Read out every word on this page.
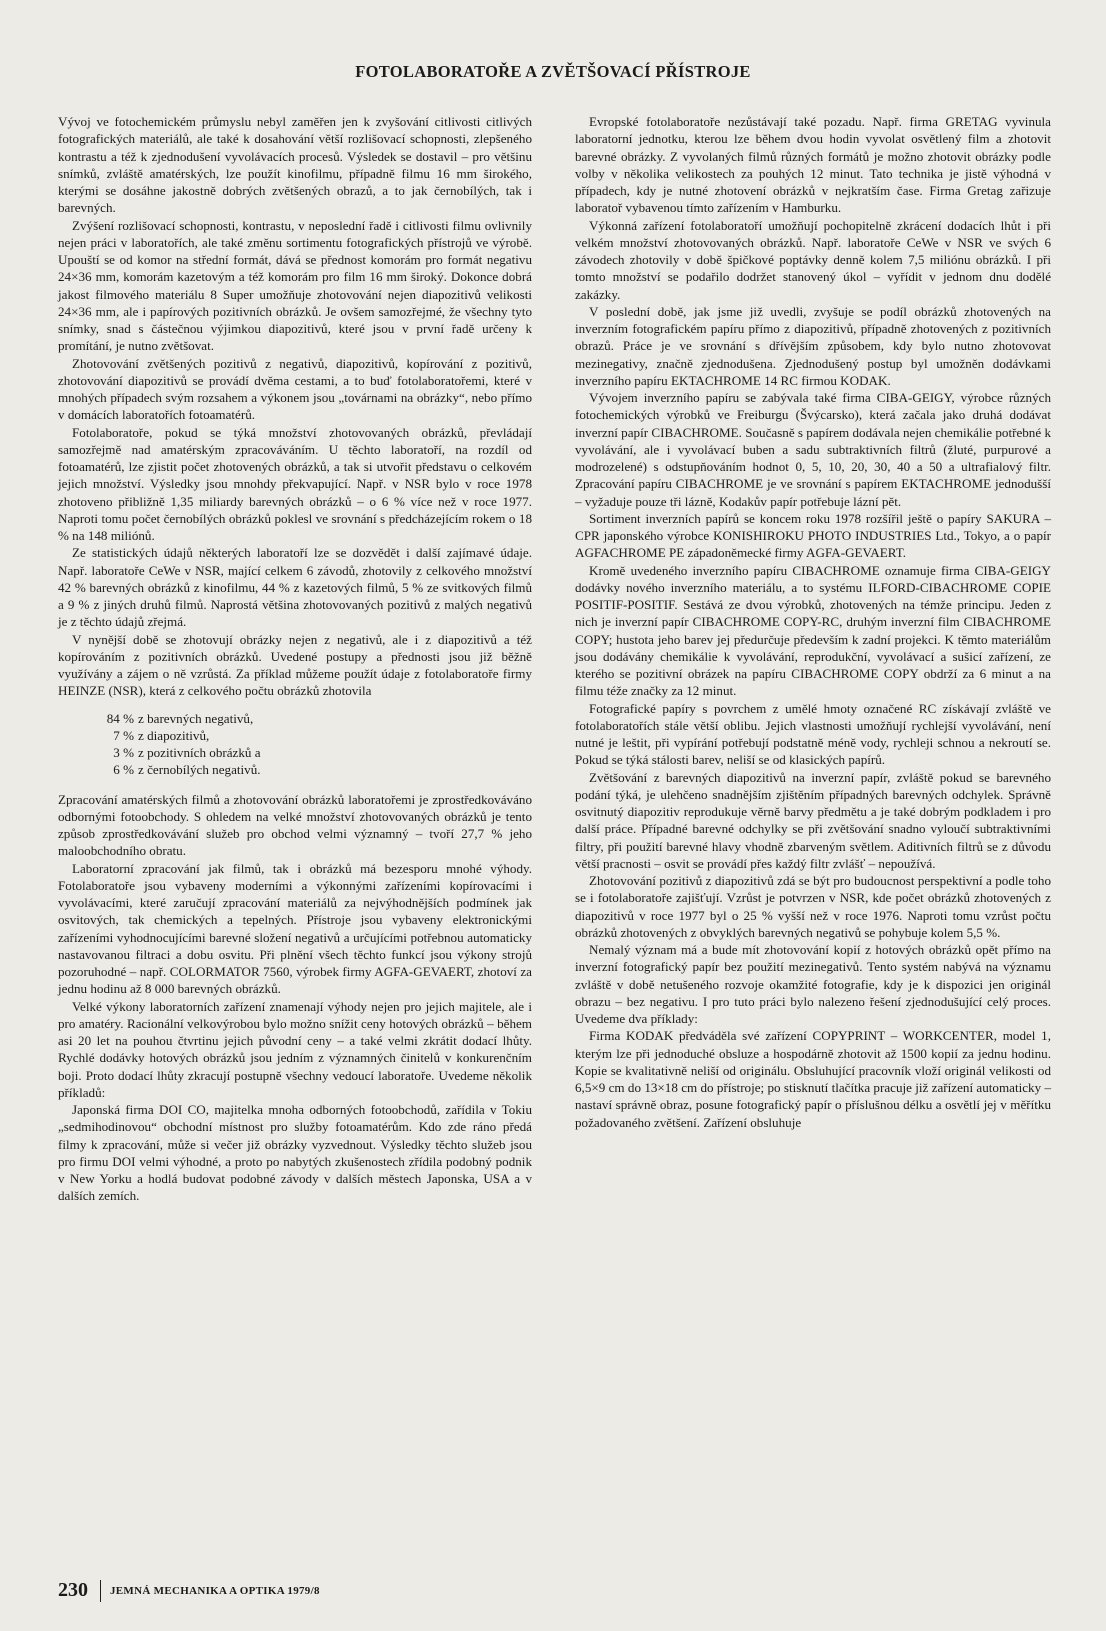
FOTOLABORATOŘE A ZVĚTŠOVACÍ PŘÍSTROJE

Vývoj ve fotochemickém průmyslu nebyl zaměřen jen k zvyšování citlivosti citlivých fotografických materiálů, ale také k dosahování větší rozlišovací schopnosti, zlepšeného kontrastu a též k zjednodušení vyvolávacích procesů. Výsledek se dostavil – pro většinu snímků, zvláště amatérských, lze použít kinofilmu, případně filmu 16 mm širokého, kterými se dosáhne jakostně dobrých zvětšených obrazů, a to jak černobílých, tak i barevných.

Zvýšení rozlišovací schopnosti, kontrastu, v neposlední řadě i citlivosti filmu ovlivnily nejen práci v laboratořích, ale také změnu sortimentu fotografických přístrojů ve výrobě. Upouští se od komor na střední formát, dává se přednost komorám pro formát negativu 24×36 mm, komorám kazetovým a též komorám pro film 16 mm široký. Dokonce dobrá jakost filmového materiálu 8 Super umožňuje zhotovování nejen diapozitivů velikosti 24×36 mm, ale i papírových pozitivních obrázků. Je ovšem samozřejmé, že všechny tyto snímky, snad s částečnou výjimkou diapozitivů, které jsou v první řadě určeny k promítání, je nutno zvětšovat.

Zhotovování zvětšených pozitivů z negativů, diapozitivů, kopírování z pozitivů, zhotovování diapozitivů se provádí dvěma cestami, a to buď fotolaboratořemi, které v mnohých případech svým rozsahem a výkonem jsou „továrnami na obrázky“, nebo přímo v domácích laboratořích fotoamatérů.

Fotolaboratoře, pokud se týká množství zhotovovaných obrázků, převládají samozřejmě nad amatérským zpracováváním. U těchto laboratoří, na rozdíl od fotoamatérů, lze zjistit počet zhotovených obrázků, a tak si utvořit představu o celkovém jejich množství. Výsledky jsou mnohdy překvapující. Např. v NSR bylo v roce 1978 zhotoveno přibližně 1,35 miliardy barevných obrázků – o 6 % více než v roce 1977. Naproti tomu počet černobílých obrázků poklesl ve srovnání s předcházejícím rokem o 18 % na 148 miliónů.

Ze statistických údajů některých laboratoří lze se dozvědět i další zajímavé údaje. Např. laboratoře CeWe v NSR, mající celkem 6 závodů, zhotovily z celkového množství 42 % barevných obrázků z kinofilmu, 44 % z kazetových filmů, 5 % ze svitkových filmů a 9 % z jiných druhů filmů. Naprostá většina zhotovovaných pozitivů z malých negativů je z těchto údajů zřejmá.

V nynější době se zhotovují obrázky nejen z negativů, ale i z diapozitivů a též kopírováním z pozitivních obrázků. Uvedené postupy a přednosti jsou již běžně využívány a zájem o ně vzrůstá. Za příklad můžeme použít údaje z fotolaboratoře firmy HEINZE (NSR), která z celkového počtu obrázků zhotovila

84 % z barevných negativů,
7 % z diapozitivů,
3 % z pozitivních obrázků a
6 % z černobílých negativů.

Zpracování amatérských filmů a zhotovování obrázků laboratořemi je zprostředkováváno odbornými fotoobchody. S ohledem na velké množství zhotovovaných obrázků je tento způsob zprostředkovávání služeb pro obchod velmi významný – tvoří 27,7 % jeho maloobchodního obratu.

Laboratorní zpracování jak filmů, tak i obrázků má bezesporu mnohé výhody. Fotolaboratoře jsou vybaveny moderními a výkonnými zařízeními kopírovacími i vyvolávacími, které zaručují zpracování materiálů za nejvýhodnějších podmínek jak osvitových, tak chemických a tepelných. Přístroje jsou vybaveny elektronickými zařízeními vyhodnocujícími barevné složení negativů a určujícími potřebnou automaticky nastavovanou filtraci a dobu osvitu. Při plnění všech těchto funkcí jsou výkony strojů pozoruhodné – např. COLORMATOR 7560, výrobek firmy AGFA-GEVAERT, zhotoví za jednu hodinu až 8 000 barevných obrázků.

Velké výkony laboratorních zařízení znamenají výhody nejen pro jejich majitele, ale i pro amatéry. Racionální velkovýrobou bylo možno snížit ceny hotových obrázků – během asi 20 let na pouhou čtvrtinu jejich původní ceny – a také velmi zkrátit dodací lhůty. Rychlé dodávky hotových obrázků jsou jedním z významných činitelů v konkurenčním boji. Proto dodací lhůty zkracují postupně všechny vedoucí laboratoře. Uvedeme několik příkladů:

Japonská firma DOI CO, majitelka mnoha odborných fotoobchodů, zařídila v Tokiu „sedmihodinovou“ obchodní místnost pro služby fotoamatérům. Kdo zde ráno předá filmy k zpracování, může si večer již obrázky vyzvednout. Výsledky těchto služeb jsou pro firmu DOI velmi výhodné, a proto po nabytých zkušenostech zřídila podobný podnik v New Yorku a hodlá budovat podobné závody v dalších městech Japonska, USA a v dalších zemích.

Evropské fotolaboratoře nezůstávají také pozadu. Např. firma GRETAG vyvinula laboratorní jednotku, kterou lze během dvou hodin vyvolat osvětlený film a zhotovit barevné obrázky. Z vyvolaných filmů různých formátů je možno zhotovit obrázky podle volby v několika velikostech za pouhých 12 minut. Tato technika je jistě výhodná v případech, kdy je nutné zhotovení obrázků v nejkratším čase. Firma Gretag zařizuje laboratoř vybavenou tímto zařízením v Hamburku.

Výkonná zařízení fotolaboratoří umožňují pochopitelně zkrácení dodacích lhůt i při velkém množství zhotovovaných obrázků. Např. laboratoře CeWe v NSR ve svých 6 závodech zhotovily v době špičkové poptávky denně kolem 7,5 miliónu obrázků. I při tomto množství se podařilo dodržet stanovený úkol – vyřídit v jednom dnu dodělé zakázky.

V poslední době, jak jsme již uvedli, zvyšuje se podíl obrázků zhotovených na inverzním fotografickém papíru přímo z diapozitivů, případně zhotovených z pozitivních obrazů. Práce je ve srovnání s dřívějším způsobem, kdy bylo nutno zhotovovat mezinegativy, značně zjednodušena. Zjednodušený postup byl umožněn dodávkami inverzního papíru EKTACHROME 14 RC firmou KODAK.

Vývojem inverzního papíru se zabývala také firma CIBA-GEIGY, výrobce různých fotochemických výrobků ve Freiburgu (Švýcarsko), která začala jako druhá dodávat inverzní papír CIBACHROME. Současně s papírem dodávala nejen chemikálie potřebné k vyvolávání, ale i vyvolávací buben a sadu subtraktivních filtrů (žluté, purpurové a modrozelené) s odstupňováním hodnot 0, 5, 10, 20, 30, 40 a 50 a ultrafialový filtr. Zpracování papíru CIBACHROME je ve srovnání s papírem EKTACHROME jednodušší – vyžaduje pouze tři lázně, Kodakův papír potřebuje lázní pět.

Sortiment inverzních papírů se koncem roku 1978 rozšířil ještě o papíry SAKURA – CPR japonského výrobce KONISHIROKU PHOTO INDUSTRIES Ltd., Tokyo, a o papír AGFACHROME PE západoněmecké firmy AGFA-GEVAERT.

Kromě uvedeného inverzního papíru CIBACHROME oznamuje firma CIBA-GEIGY dodávky nového inverzního materiálu, a to systému ILFORD-CIBACHROME COPIE POSITIF-POSITIF. Sestává ze dvou výrobků, zhotovených na témže principu. Jeden z nich je inverzní papír CIBACHROME COPY-RC, druhým inverzní film CIBACHROME COPY; hustota jeho barev jej předurčuje především k zadní projekci. K těmto materiálům jsou dodávány chemikálie k vyvolávání, reprodukční, vyvolávací a sušicí zařízení, ze kterého se pozitivní obrázek na papíru CIBACHROME COPY obdrží za 6 minut a na filmu téže značky za 12 minut.

Fotografické papíry s povrchem z umělé hmoty označené RC získávají zvláště ve fotolaboratořích stále větší oblibu. Jejich vlastnosti umožňují rychlejší vyvolávání, není nutné je leštit, při vypírání potřebují podstatně méně vody, rychleji schnou a nekroutí se. Pokud se týká stálosti barev, neliší se od klasických papírů.

Zvětšování z barevných diapozitivů na inverzní papír, zvláště pokud se barevného podání týká, je ulehčeno snadnějším zjištěním případných barevných odchylek. Správně osvitnutý diapozitiv reprodukuje věrně barvy předmětu a je také dobrým podkladem i pro další práce. Případné barevné odchylky se při zvětšování snadno vyloučí subtraktivními filtry, při použití barevné hlavy vhodně zbarveným světlem. Aditivních filtrů se z důvodu větší pracnosti – osvit se provádí přes každý filtr zvlášť – nepoužívá.

Zhotovování pozitivů z diapozitivů zdá se být pro budoucnost perspektivní a podle toho se i fotolaboratoře zajišťují. Vzrůst je potvrzen v NSR, kde počet obrázků zhotovených z diapozitivů v roce 1977 byl o 25 % vyšší než v roce 1976. Naproti tomu vzrůst počtu obrázků zhotovených z obvyklých barevných negativů se pohybuje kolem 5,5 %.

Nemalý význam má a bude mít zhotovování kopií z hotových obrázků opět přímo na inverzní fotografický papír bez použití mezinegativů. Tento systém nabývá na významu zvláště v době netušeného rozvoje okamžité fotografie, kdy je k dispozici jen originál obrazu – bez negativu. I pro tuto práci bylo nalezeno řešení zjednodušující celý proces. Uvedeme dva příklady:

Firma KODAK předváděla své zařízení COPYPRINT – WORKCENTER, model 1, kterým lze při jednoduché obsluze a hospodárně zhotovit až 1500 kopií za jednu hodinu. Kopie se kvalitativně neliší od originálu. Obsluhující pracovník vloží originál velikosti od 6,5×9 cm do 13×18 cm do přístroje; po stisknutí tlačítka pracuje již zařízení automaticky – nastaví správně obraz, posune fotografický papír o příslušnou délku a osvětlí jej v měřítku požadovaného zvětšení. Zařízení obsluhuje

230 JEMNÁ MECHANIKA A OPTIKA 1979/8
